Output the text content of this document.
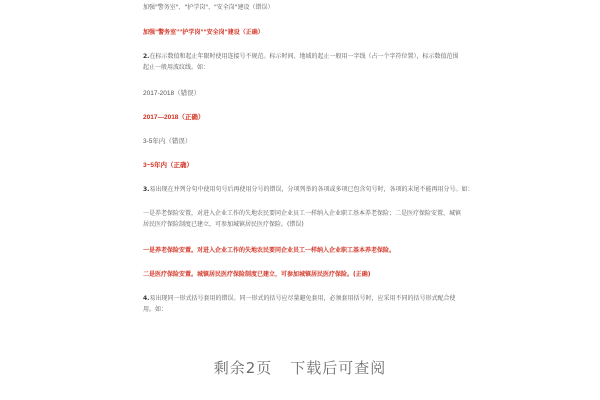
加强"警务室"、"护学岗"、"安全岗"建设（错误）
加强"警务室""护学岗""安全岗"建设（正确）
2.在标示数值和起止年限时使用连接号不规范。标示时间、地域的起止一般用一字线（占一个字符位置），标示数值范围起止一般用波纹线。如：
2017-2018（错误）
2017—2018（正确）
3-5年内（错误）
3~5年内（正确）
3.易出现在并列分句中使用句号后再使用分号的错误，分项列举的各项或多项已包含句号时，各项的末尾不能再用分号。如：
一是养老保险安置，对进入企业工作的失地农民要同企业员工一样纳入企业职工基本养老保险；二是医疗保险安置，城镇居民医疗保险制度已建立，可参加城镇居民医疗保险。(错误)
一是养老保险安置。对进入企业工作的失地农民要同企业员工一样纳入企业职工基本养老保险。
二是医疗保险安置。城镇居民医疗保险制度已建立，可参加城镇居民医疗保险。(正确)
4.易出现同一形式括号套用的错误。同一形式的括号应尽量避免套用，必须套用括号时，应采用不同的括号形式配合使用。如：
剩余2页 下载后可查阅
